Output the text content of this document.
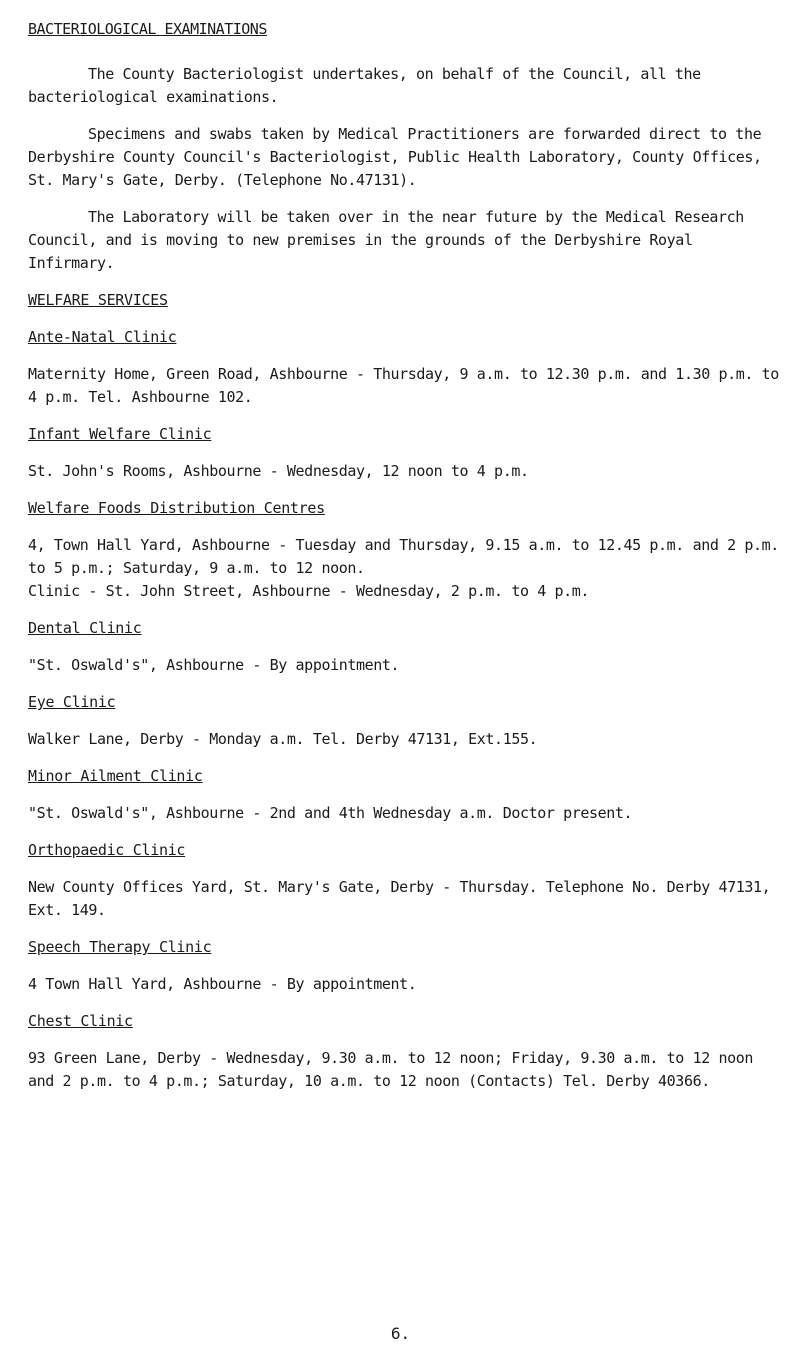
BACTERIOLOGICAL EXAMINATIONS

The County Bacteriologist undertakes, on behalf of the Council, all the bacteriological examinations.

Specimens and swabs taken by Medical Practitioners are forwarded direct to the Derbyshire County Council's Bacteriologist, Public Health Laboratory, County Offices, St. Mary's Gate, Derby. (Telephone No.47131).

The Laboratory will be taken over in the near future by the Medical Research Council, and is moving to new premises in the grounds of the Derbyshire Royal Infirmary.

WELFARE SERVICES
Ante-Natal Clinic
Maternity Home, Green Road, Ashbourne - Thursday, 9 a.m. to 12.30 p.m. and 1.30 p.m. to 4 p.m. Tel. Ashbourne 102.
Infant Welfare Clinic
St. John's Rooms, Ashbourne - Wednesday, 12 noon to 4 p.m.
Welfare Foods Distribution Centres
4, Town Hall Yard, Ashbourne - Tuesday and Thursday, 9.15 a.m. to 12.45 p.m. and 2 p.m. to 5 p.m.; Saturday, 9 a.m. to 12 noon.
Clinic - St. John Street, Ashbourne - Wednesday, 2 p.m. to 4 p.m.
Dental Clinic
"St. Oswald's", Ashbourne - By appointment.
Eye Clinic
Walker Lane, Derby - Monday a.m. Tel. Derby 47131, Ext.155.
Minor Ailment Clinic
"St. Oswald's", Ashbourne - 2nd and 4th Wednesday a.m. Doctor present.
Orthopaedic Clinic
New County Offices Yard, St. Mary's Gate, Derby - Thursday. Telephone No. Derby 47131, Ext. 149.
Speech Therapy Clinic
4 Town Hall Yard, Ashbourne - By appointment.
Chest Clinic
93 Green Lane, Derby - Wednesday, 9.30 a.m. to 12 noon; Friday, 9.30 a.m. to 12 noon and 2 p.m. to 4 p.m.; Saturday, 10 a.m. to 12 noon (Contacts) Tel. Derby 40366.
6.
